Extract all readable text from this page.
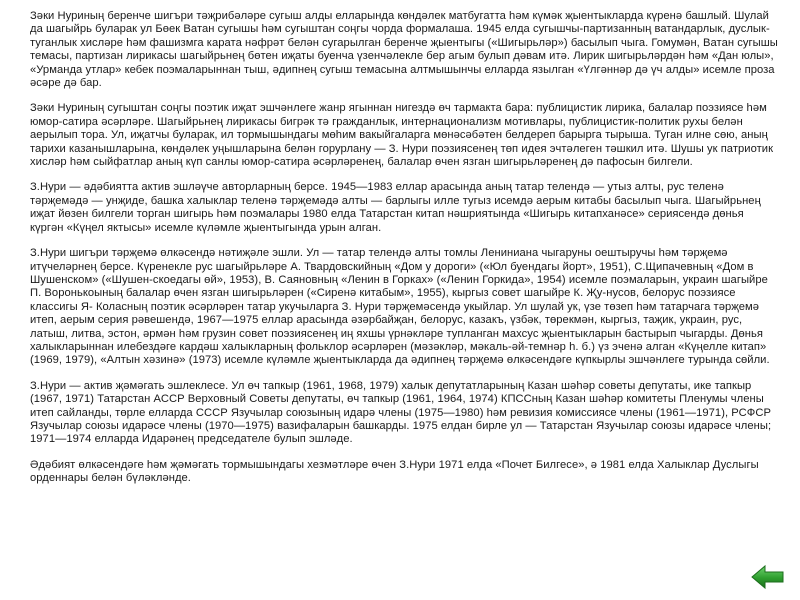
Зәки Нуриның беренче шигъри тәҗрибәләре сугыш алды елларында көндәлек матбугатта һәм күмәк җыентыкларда күренә башлый. Шулай да шагыйрь буларак ул Бөек Ватан сугышы һәм сугыштан соңгы чорда формалаша. 1945 елда сугышчы-партизанның ватандарлык, дуслык-туганлык хисләре һәм фашизмга карата нәфрәт белән сугарылган беренче җыентыгы («Шигырьләр») басылып чыга. Гомумән, Ватан сугышы темасы, партизан лирикасы шагыйрьнең бөтен иҗаты буенча үзенчәлекле бер агым булып дәвам итә. Лирик шигырьләрдән һәм «Дан юлы», «Урманда утлар» кебек поэмаларыннан тыш, әдипнең сугыш темасына алтмышынчы елларда язылган «Үлгәннәр дә үч алды» исемле проза әсәре дә бар.

Зәки Нуриның сугыштан соңгы поэтик иҗат эшчәнлеге жанр ягыннан нигездә өч тармакта бара: публицистик лирика, балалар поэзиясе һәм юмор-сатира әсәрләре. Шагыйрьнең лирикасы бигрәк тә гражданлык, интернационализм мотивлары, публицистик-политик рухы белән аерылып тора. Ул, иҗатчы буларак, ил тормышындагы мөһим вакыйгаларга мөнәсәбәтен белдереп барырга тырыша. Туган илне сөю, аның тарихи казанышларына, көндәлек уңышларына белән горурлану — З. Нури поэзиясенең төп идея эчтәлеген тәшкил итә. Шушы ук патриотик хисләр һәм сыйфатлар аның күп санлы юмор-сатира әсәрләренең, балалар өчен язган шигырьләренең дә пафосын билгели.

З.Нури — әдәбиятта актив эшләүче авторларның берсе. 1945—1983 еллар арасында аның татар телендә — утыз алты, рус теленә тәрҗемәдә — унҗиде, башка халыклар теленә тәрҗемәдә алты — барлыгы илле тугыз исемдә аерым китабы басылып чыга. Шагыйрьнең иҗат йөзен билгели торган шигырь һәм поэмалары 1980 елда Татарстан китап нәшриятында «Шигырь китапханәсе» сериясендә дөнья күргән «Күңел яктысы» исемле күләмле җыентыгында урын алган.

З.Нури шигъри тәрҗемә өлкәсендә нәтиҗәле эшли. Ул — татар телендә алты томлы Лениниана чыгаруны оештыручы һәм тәрҗемә итүчеләрнең берсе. Күренекле рус шагыйрьләре А. Твардовскийның «Дом у дороги» («Юл буендагы йорт», 1951), С.Щипачевның «Дом в Шушенском» («Шушен-скоедагы өй», 1953), В. Саяновның «Ленин в Горках» («Ленин Горкида», 1954) исемле поэмаларын, украин шагыйре П. Воронькоының балалар өчен язган шигырьләрен («Сиренә китабым», 1955), кыргыз совет шагыйре К. Җу-нусов, белорус поэзиясе классигы Я- Коласның поэтик әсәрләрен татар укучыларга З. Нури тәрҗемәсендә укыйлар. Ул шулай ук, үзе төзеп һәм татарчага тәрҗемә итеп, аерым серия рәвешендә, 1967—1975 еллар арасында әзәрбайҗан, белорус, казакъ, үзбәк, төрекмән, кыргыз, таҗик, украин, рус, латыш, литва, эстон, әрмән һәм грузин совет поэзиясенең иң яхшы үрнәкләре тупланган махсус җыентыкларын бастырып чыгарды. Дөнья халыкларыннан илебездәге кардәш халыкларның фольклор әсәрләрен (мәзәкләр, мәкаль-әй-темнәр һ. б.) үз эченә алган «Күңелле китап» (1969, 1979), «Алтын хәзинә» (1973) исемле күләмле җыентыкларда да әдипнең тәрҗемә өлкәсендәге күпкырлы эшчәнлеге турында сөйли.

З.Нури — актив җәмәгать эшлеклесе. Ул өч тапкыр (1961, 1968, 1979) халык депутатларының Казан шәһәр советы депутаты, ике тапкыр (1967, 1971) Татарстан АССР Верховный Советы депутаты, өч тапкыр (1961, 1964, 1974) КПССның Казан шәһәр комитеты Пленумы члены итеп сайланды, төрле елларда СССР Язучылар союзының идарә члены (1975—1980) һәм ревизия комиссиясе члены (1961—1971), РСФСР Язучылар союзы идарәсе члены (1970—1975) вазифаларын башкарды. 1975 елдан бирле ул — Татарстан Язучылар союзы идарәсе члены; 1971—1974 елларда Идарәнең председателе булып эшләде.

Әдәбият өлкәсендәге һәм җәмәгать тормышындагы хезмәтләре өчен З.Нури 1971 елда «Почет Билгесе», ә 1981 елда Халыклар Дуслыгы орденнары белән бүләкләнде.
